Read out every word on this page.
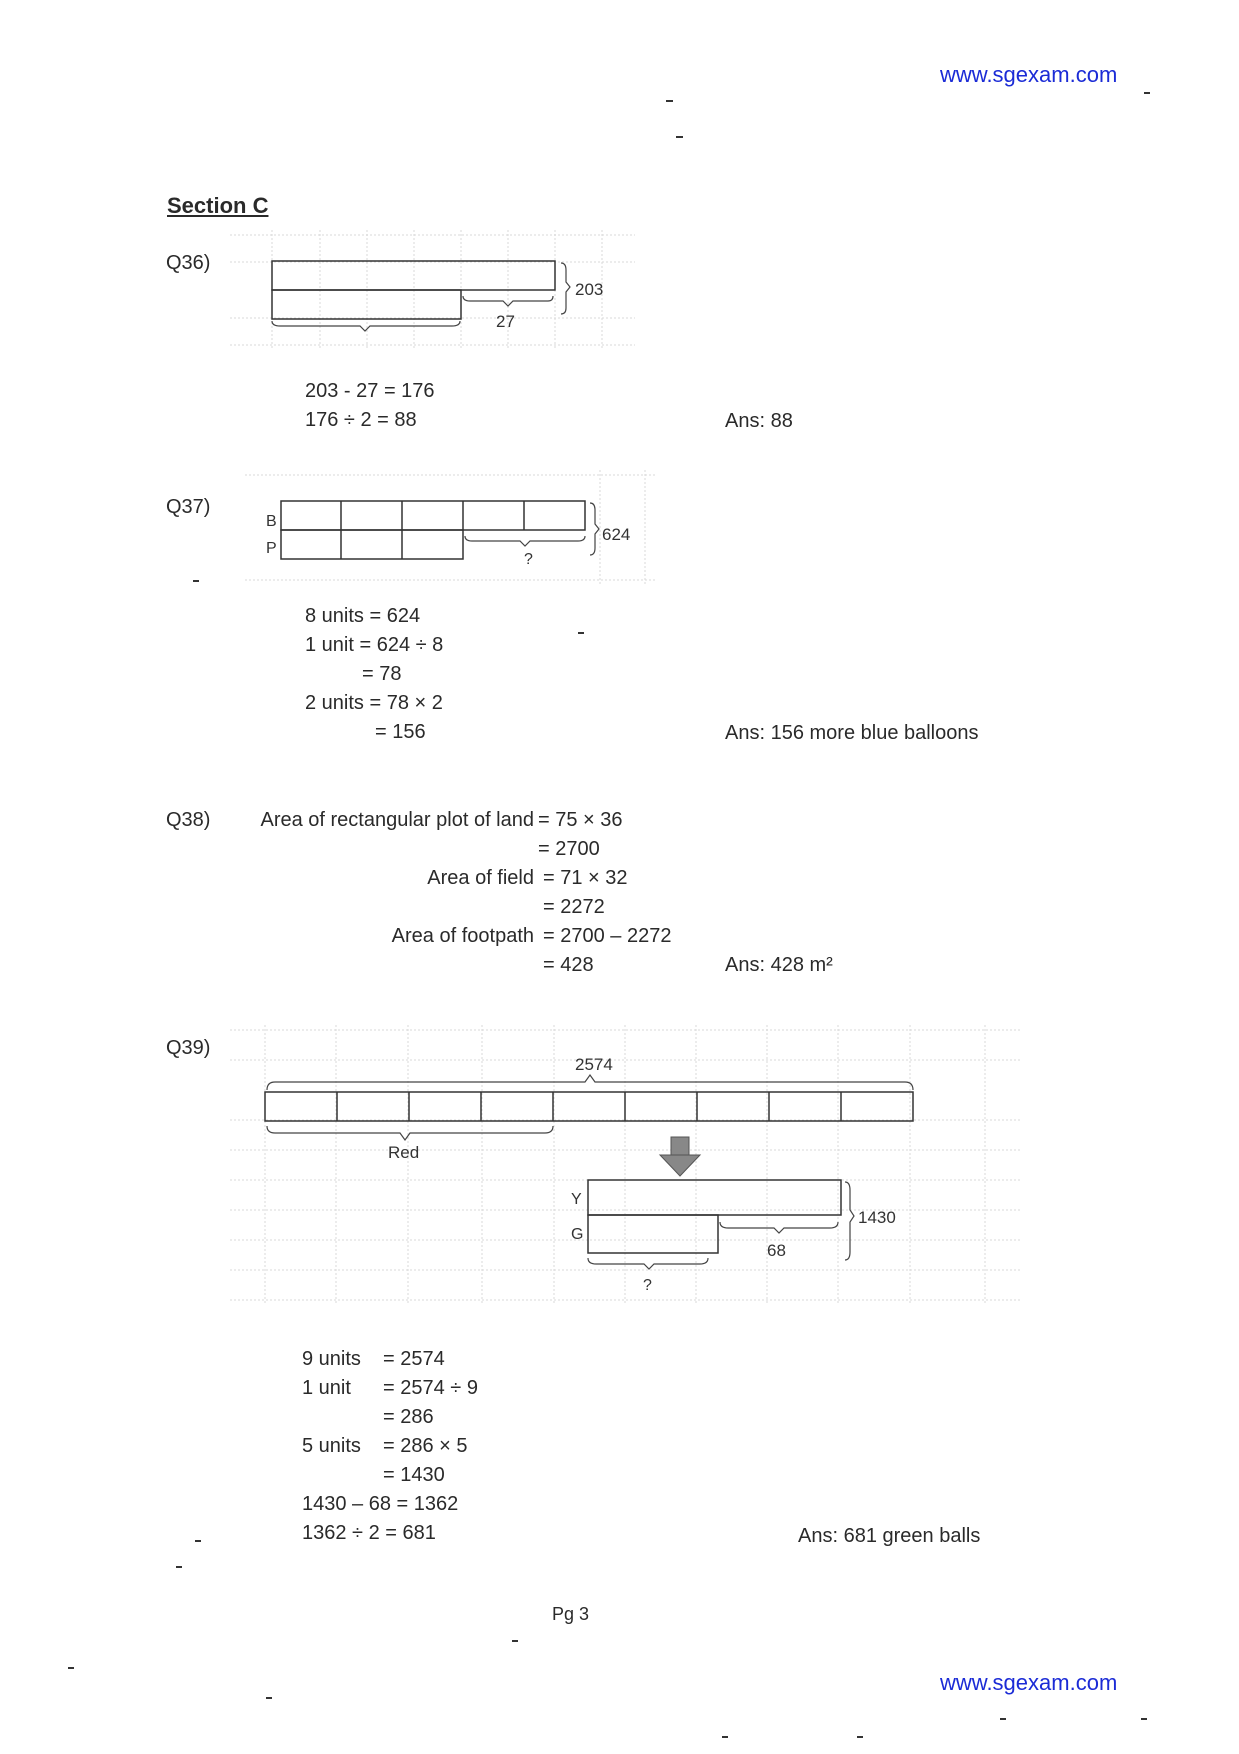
www.sgexam.com
Section C
Q36)
203
27
203 - 27 = 176
176 ÷ 2 = 88	Ans: 88
Q37)
B
P
624
?
8 units = 624
1 unit = 624 ÷ 8
= 78
2 units = 78 × 2
= 156	Ans: 156 more blue balloons
Q38)	Area of rectangular plot of land = 75 × 36
= 2700
Area of field = 71 × 32
= 2272
Area of footpath = 2700 – 2272
= 428	Ans: 428 m²
Q39)
2574
Red
Y
G
1430
68
?
9 units = 2574
1 unit = 2574 ÷ 9
= 286
5 units = 286 × 5
= 1430
1430 – 68 = 1362
1362 ÷ 2 = 681	Ans: 681 green balls
Pg 3
www.sgexam.com
